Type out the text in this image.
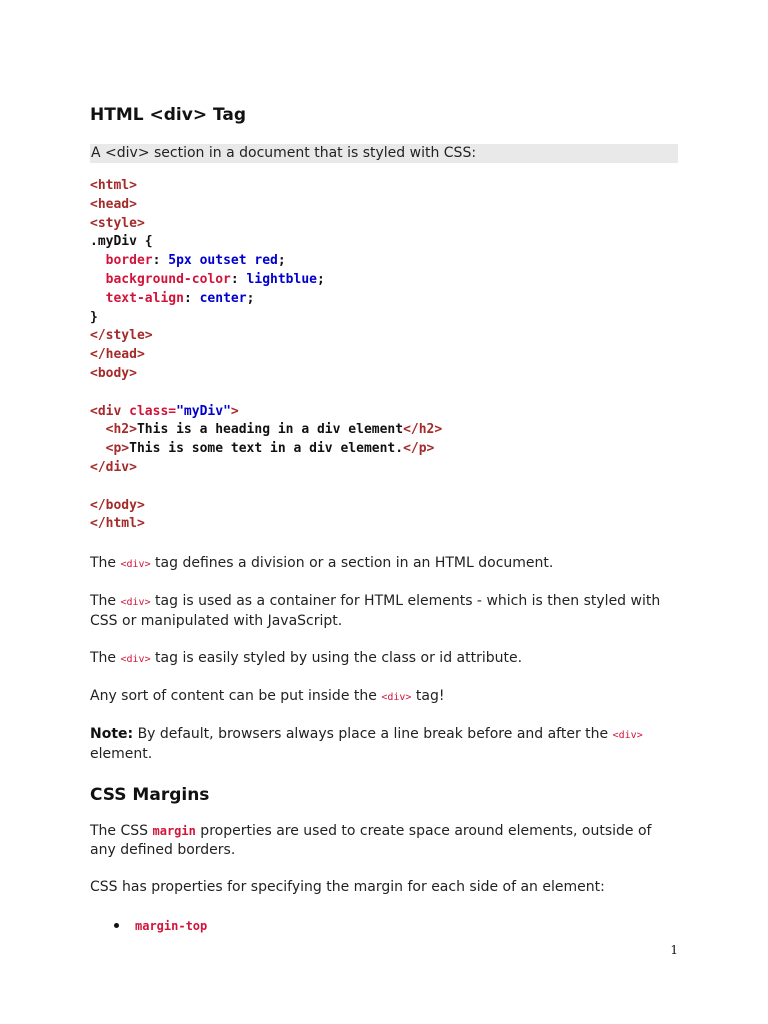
HTML <div> Tag
A <div> section in a document that is styled with CSS:
<html>
<head>
<style>
.myDiv {
border: 5px outset red;
background-color: lightblue;
text-align: center;
}
</style>
</head>
<body>
<div class="myDiv">
<h2>This is a heading in a div element</h2>
<p>This is some text in a div element.</p>
</div>
</body>
</html>

The <div> tag defines a division or a section in an HTML document.

The <div> tag is used as a container for HTML elements - which is then styled with CSS or manipulated with JavaScript.

The <div> tag is easily styled by using the class or id attribute.

Any sort of content can be put inside the <div> tag!

Note: By default, browsers always place a line break before and after the <div> element.

CSS Margins

The CSS margin properties are used to create space around elements, outside of any defined borders.

CSS has properties for specifying the margin for each side of an element:

margin-top
1
